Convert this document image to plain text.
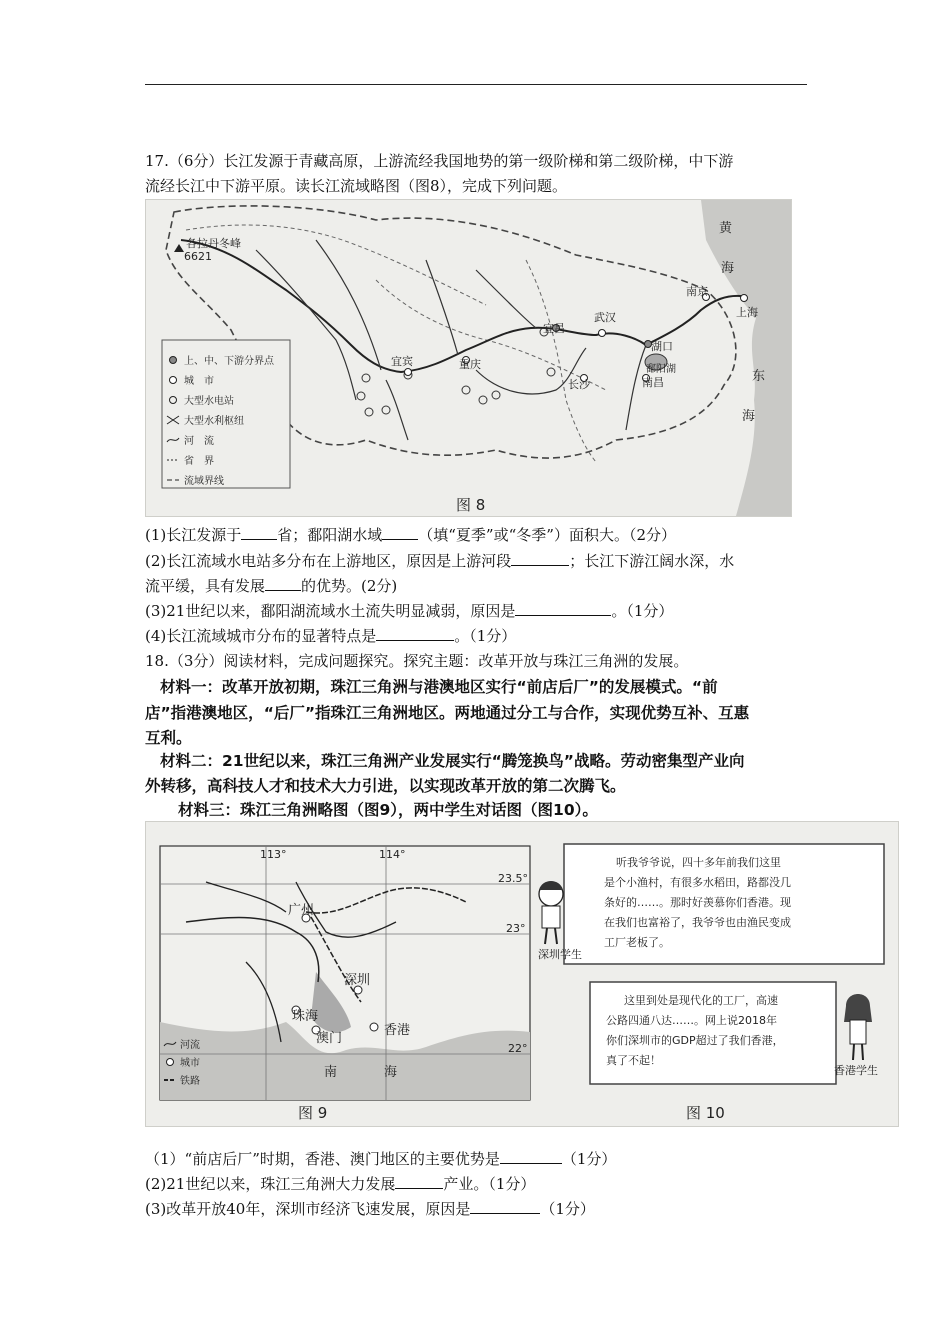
17.（6分）长江发源于青藏高原，上游流经我国地势的第一级阶梯和第二级阶梯，中下游
流经长江中下游平原。读长江流域略图（图8），完成下列问题。
各拉丹冬峰
6621
宜宾	重庆
宜昌
武汉
长沙
湖口
鄱阳湖
南昌
南京
上海
黄
海
东
海
上、中、下游分界点
城　市
大型水电站
大型水利枢纽
河　流
省　界
流域界线
图 8
(1)长江发源于 省；鄱阳湖水域 （填“夏季”或“冬季”）面积大。（2分）
(2)长江流域水电站多分布在上游地区，原因是上游河段	；长江下游江阔水深，水
流平缓，具有发展 的优势。(2分)
(3)21世纪以来，鄱阳湖流域水土流失明显减弱，原因是	。（1分）
(4)长江流域城市分布的显著特点是	。（1分）
18.（3分）阅读材料，完成问题探究。探究主题：改革开放与珠江三角洲的发展。
材料一：改革开放初期，珠江三角洲与港澳地区实行“前店后厂”的发展模式。“前
店”指港澳地区，“后厂”指珠江三角洲地区。两地通过分工与合作，实现优势互补、互惠
互利。
材料二：21世纪以来，珠江三角洲产业发展实行“腾笼换鸟”战略。劳动密集型产业向
外转移，高科技人才和技术大力引进，以实现改革开放的第二次腾飞。
材料三：珠江三角洲略图（图9），两中学生对话图（图10）。
113°	114°
23.5°
23°
22°
广州
深圳
珠海
澳门
香港
南	海
河流
城市
铁路
图 9
听我爷爷说，四十多年前我们这里
是个小渔村，有很多水稻田，路都没几
条好的……。那时好羡慕你们香港。现
在我们也富裕了，我爷爷也由渔民变成
工厂老板了。
深圳学生
这里到处是现代化的工厂，高速
公路四通八达……。网上说2018年
你们深圳市的GDP超过了我们香港，
真了不起！
香港学生
图 10
（1）“前店后厂”时期，香港、澳门地区的主要优势是	（1分）
(2)21世纪以来，珠江三角洲大力发展	产业。（1分）
(3)改革开放40年，深圳市经济飞速发展，原因是	（1分）
